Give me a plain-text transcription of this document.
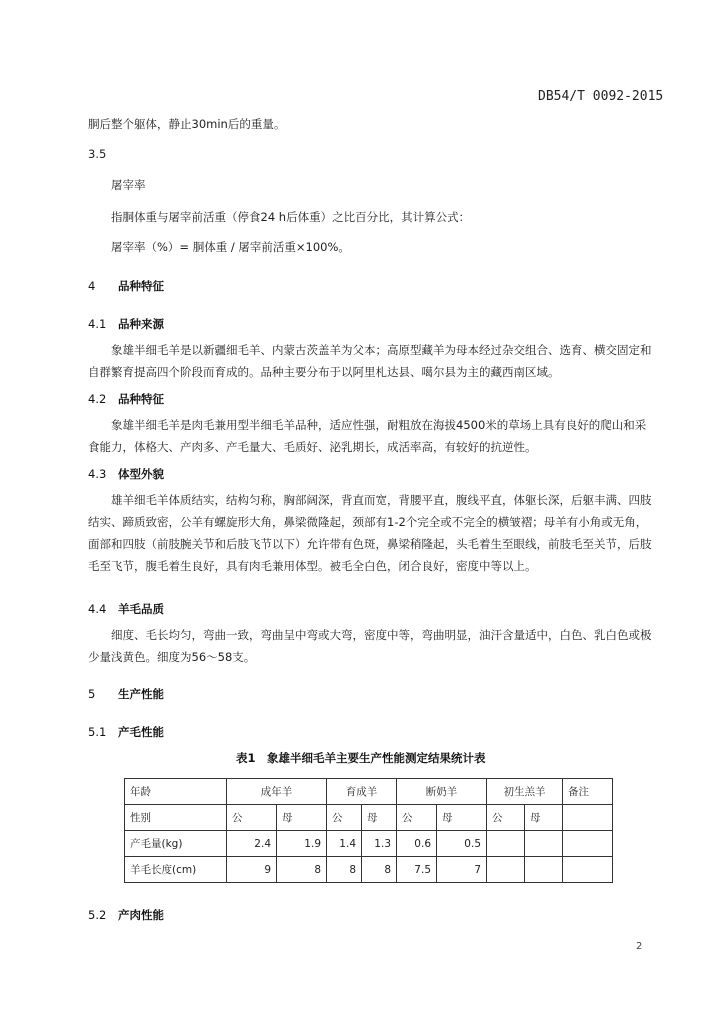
DB54/T 0092-2015
胴后整个躯体，静止30min后的重量。
3.5
屠宰率
指胴体重与屠宰前活重（停食24 h后体重）之比百分比，其计算公式：
屠宰率（%）= 胴体重 / 屠宰前活重×100%。
4 品种特征
4.1 品种来源
象雄半细毛羊是以新疆细毛羊、内蒙古茨盖羊为父本；高原型藏羊为母本经过杂交组合、选育、横交固定和自群繁育提高四个阶段而育成的。品种主要分布于以阿里札达县、噶尔县为主的藏西南区域。
4.2 品种特征
象雄半细毛羊是肉毛兼用型半细毛羊品种，适应性强，耐粗放在海拔4500米的草场上具有良好的爬山和采食能力，体格大、产肉多、产毛量大、毛质好、泌乳期长，成活率高，有较好的抗逆性。
4.3 体型外貌
雄羊细毛羊体质结实，结构匀称，胸部阔深，背直而宽，背腰平直，腹线平直，体躯长深，后躯丰满、四肢结实、蹄质致密，公羊有螺旋形大角，鼻梁微隆起，颈部有1-2个完全或不完全的横皱褶；母羊有小角或无角，面部和四肢（前肢腕关节和后肢飞节以下）允许带有色斑，鼻梁稍隆起，头毛着生至眼线，前肢毛至关节，后肢毛至飞节，腹毛着生良好，具有肉毛兼用体型。被毛全白色，闭合良好，密度中等以上。
4.4 羊毛品质
细度、毛长均匀，弯曲一致，弯曲呈中弯或大弯，密度中等，弯曲明显，油汗含量适中，白色、乳白色或极少量浅黄色。细度为56～58支。
5 生产性能
5.1 产毛性能
表1　象雄半细毛羊主要生产性能测定结果统计表
年龄	成年羊		育成羊		断奶羊		初生羔羊		备注
性别	公	母	公	母	公	母	公	母	
产毛量(kg)	2.4	1.9	1.4	1.3	0.6	0.5			
羊毛长度(cm)	9	8	8	8	7.5	7			
5.2 产肉性能
2
